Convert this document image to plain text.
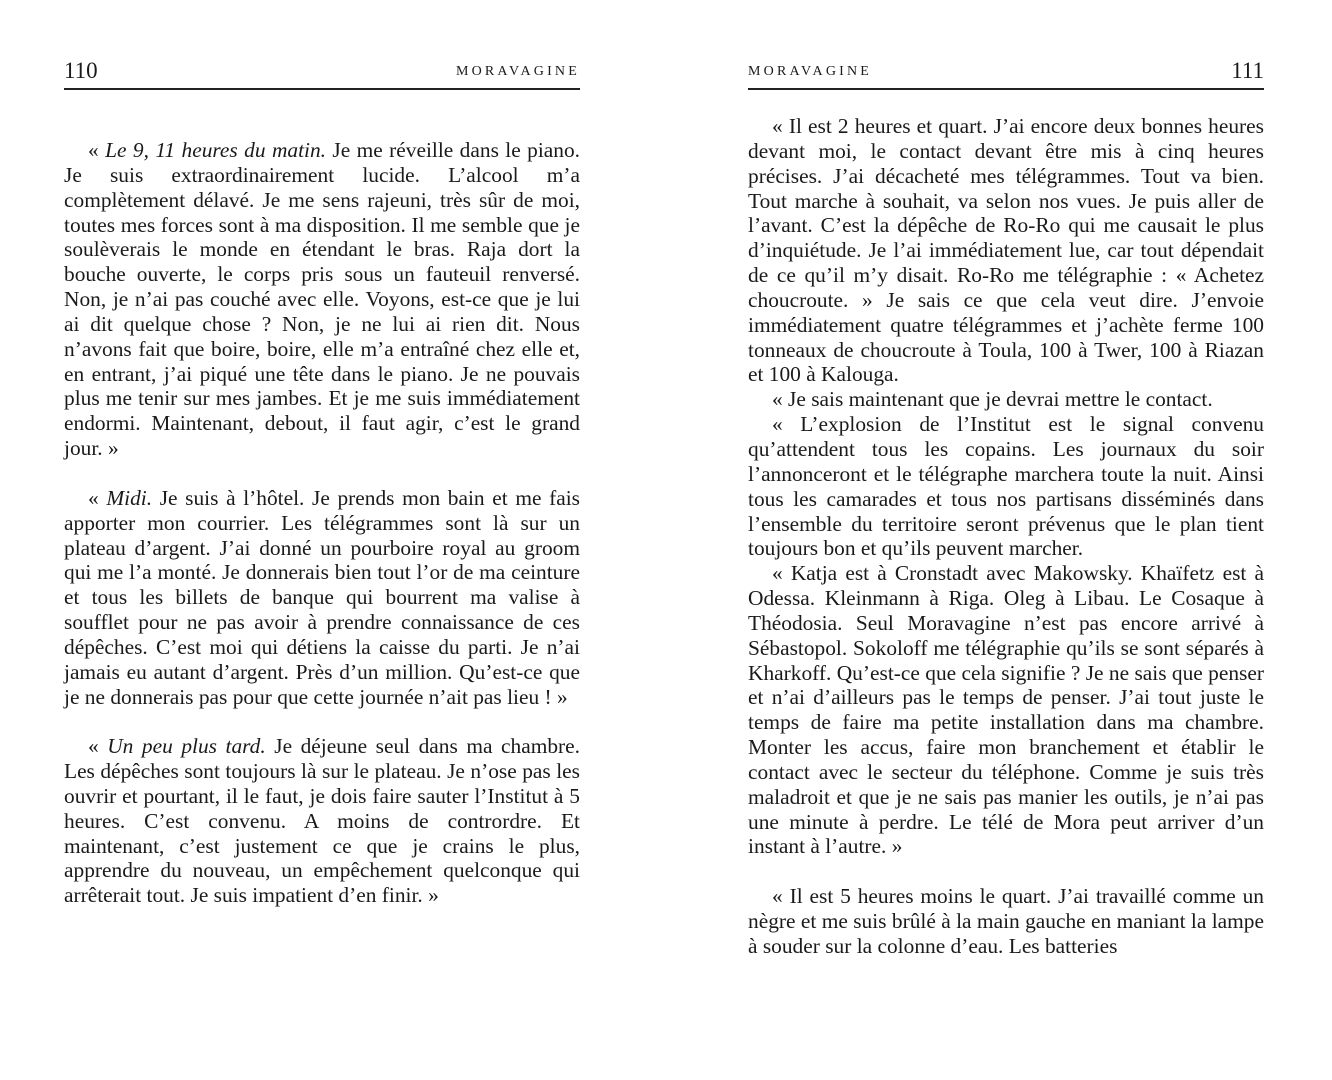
110	MORAVAGINE

« Le 9, 11 heures du matin. Je me réveille dans le piano. Je suis extraordinairement lucide. L’alcool m’a complètement délavé. Je me sens rajeuni, très sûr de moi, toutes mes forces sont à ma disposition. Il me semble que je soulèverais le monde en étendant le bras. Raja dort la bouche ouverte, le corps pris sous un fauteuil renversé. Non, je n’ai pas couché avec elle. Voyons, est-ce que je lui ai dit quelque chose ? Non, je ne lui ai rien dit. Nous n’avons fait que boire, boire, elle m’a entraîné chez elle et, en entrant, j’ai piqué une tête dans le piano. Je ne pouvais plus me tenir sur mes jambes. Et je me suis immédiatement endormi. Maintenant, debout, il faut agir, c’est le grand jour. »

« Midi. Je suis à l’hôtel. Je prends mon bain et me fais apporter mon courrier. Les télégrammes sont là sur un plateau d’argent. J’ai donné un pourboire royal au groom qui me l’a monté. Je donnerais bien tout l’or de ma ceinture et tous les billets de banque qui bourrent ma valise à soufflet pour ne pas avoir à prendre connaissance de ces dépêches. C’est moi qui détiens la caisse du parti. Je n’ai jamais eu autant d’argent. Près d’un million. Qu’est-ce que je ne donnerais pas pour que cette journée n’ait pas lieu ! »

« Un peu plus tard. Je déjeune seul dans ma chambre. Les dépêches sont toujours là sur le plateau. Je n’ose pas les ouvrir et pourtant, il le faut, je dois faire sauter l’Institut à 5 heures. C’est convenu. A moins de contrordre. Et maintenant, c’est justement ce que je crains le plus, apprendre du nouveau, un empêchement quelconque qui arrêterait tout. Je suis impatient d’en finir. »

MORAVAGINE	111

« Il est 2 heures et quart. J’ai encore deux bonnes heures devant moi, le contact devant être mis à cinq heures précises. J’ai décacheté mes télégrammes. Tout va bien. Tout marche à souhait, va selon nos vues. Je puis aller de l’avant. C’est la dépêche de Ro-Ro qui me causait le plus d’inquiétude. Je l’ai immédiatement lue, car tout dépendait de ce qu’il m’y disait. Ro-Ro me télégraphie : « Achetez choucroute. » Je sais ce que cela veut dire. J’envoie immédiatement quatre télégrammes et j’achète ferme 100 tonneaux de choucroute à Toula, 100 à Twer, 100 à Riazan et 100 à Kalouga.

« Je sais maintenant que je devrai mettre le contact.

« L’explosion de l’Institut est le signal convenu qu’attendent tous les copains. Les journaux du soir l’annonceront et le télégraphe marchera toute la nuit. Ainsi tous les camarades et tous nos partisans disséminés dans l’ensemble du territoire seront prévenus que le plan tient toujours bon et qu’ils peuvent marcher.

« Katja est à Cronstadt avec Makowsky. Khaïfetz est à Odessa. Kleinmann à Riga. Oleg à Libau. Le Cosaque à Théodosia. Seul Moravagine n’est pas encore arrivé à Sébastopol. Sokoloff me télégraphie qu’ils se sont séparés à Kharkoff. Qu’est-ce que cela signifie ? Je ne sais que penser et n’ai d’ailleurs pas le temps de penser. J’ai tout juste le temps de faire ma petite installation dans ma chambre. Monter les accus, faire mon branchement et établir le contact avec le secteur du téléphone. Comme je suis très maladroit et que je ne sais pas manier les outils, je n’ai pas une minute à perdre. Le télé de Mora peut arriver d’un instant à l’autre. »

« Il est 5 heures moins le quart. J’ai travaillé comme un nègre et me suis brûlé à la main gauche en maniant la lampe à souder sur la colonne d’eau. Les batteries
